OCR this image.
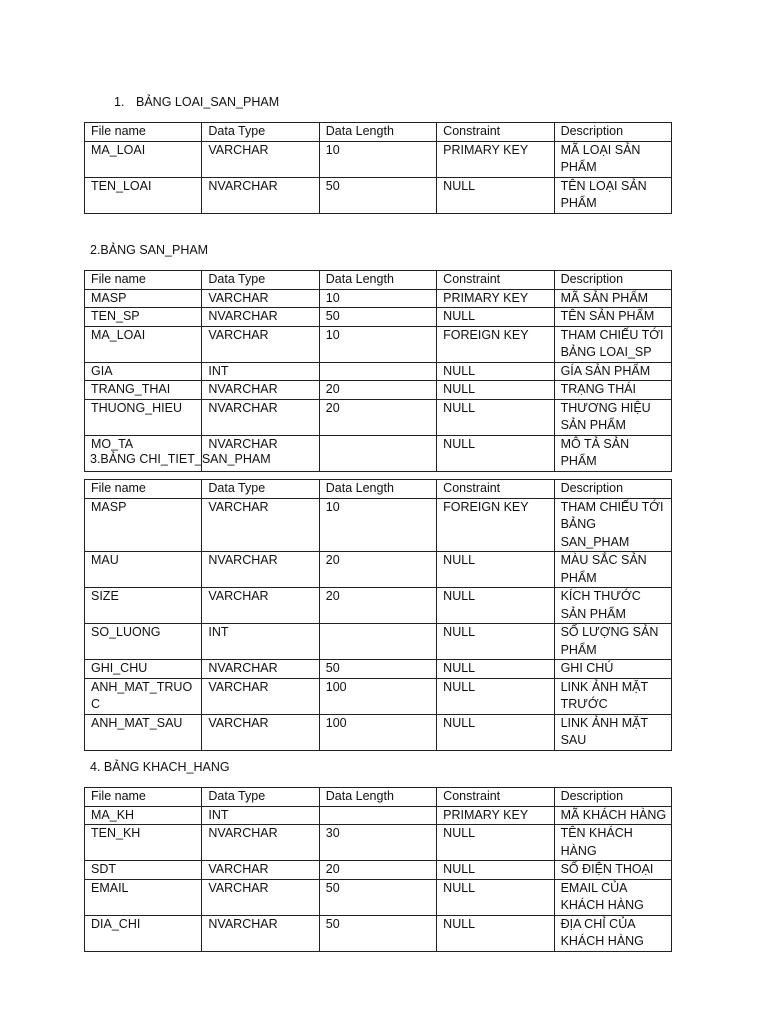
1. BẢNG LOAI_SAN_PHAM
File name	Data Type	Data Length	Constraint	Description
MA_LOAI	VARCHAR	10	PRIMARY KEY	MÃ LOẠI SẢN PHẨM
TEN_LOAI	NVARCHAR	50	NULL	TÊN LOẠI SẢN PHẨM
2.BẢNG SAN_PHAM
File name	Data Type	Data Length	Constraint	Description
MASP	VARCHAR	10	PRIMARY KEY	MÃ SẢN PHẨM
TEN_SP	NVARCHAR	50	NULL	TÊN SẢN PHẨM
MA_LOAI	VARCHAR	10	FOREIGN KEY	THAM CHIẾU TỚI BẢNG LOAI_SP
GIA	INT		NULL	GÍA SẢN PHẨM
TRANG_THAI	NVARCHAR	20	NULL	TRẠNG THÁI
THUONG_HIEU	NVARCHAR	20	NULL	THƯƠNG HIỆU SẢN PHẨM
MO_TA	NVARCHAR		NULL	MÔ TẢ SẢN PHẨM
3.BẢNG CHI_TIET_SAN_PHAM
File name	Data Type	Data Length	Constraint	Description
MASP	VARCHAR	10	FOREIGN KEY	THAM CHIẾU TỚI BẢNG SAN_PHAM
MAU	NVARCHAR	20	NULL	MÀU SẮC SẢN PHẨM
SIZE	VARCHAR	20	NULL	KÍCH THƯỚC SẢN PHẨM
SO_LUONG	INT		NULL	SỐ LƯỢNG SẢN PHẨM
GHI_CHU	NVARCHAR	50	NULL	GHI CHÚ
ANH_MAT_TRUOC	VARCHAR	100	NULL	LINK ẢNH MẶT TRƯỚC
ANH_MAT_SAU	VARCHAR	100	NULL	LINK ẢNH MẶT SAU
4. BẢNG KHACH_HANG
File name	Data Type	Data Length	Constraint	Description
MA_KH	INT		PRIMARY KEY	MÃ KHÁCH HÀNG
TEN_KH	NVARCHAR	30	NULL	TÊN KHÁCH HÀNG
SDT	VARCHAR	20	NULL	SỐ ĐIỆN THOẠI
EMAIL	VARCHAR	50	NULL	EMAIL CỦA KHÁCH HÀNG
DIA_CHI	NVARCHAR	50	NULL	ĐỊA CHỈ CỦA KHÁCH HÀNG
